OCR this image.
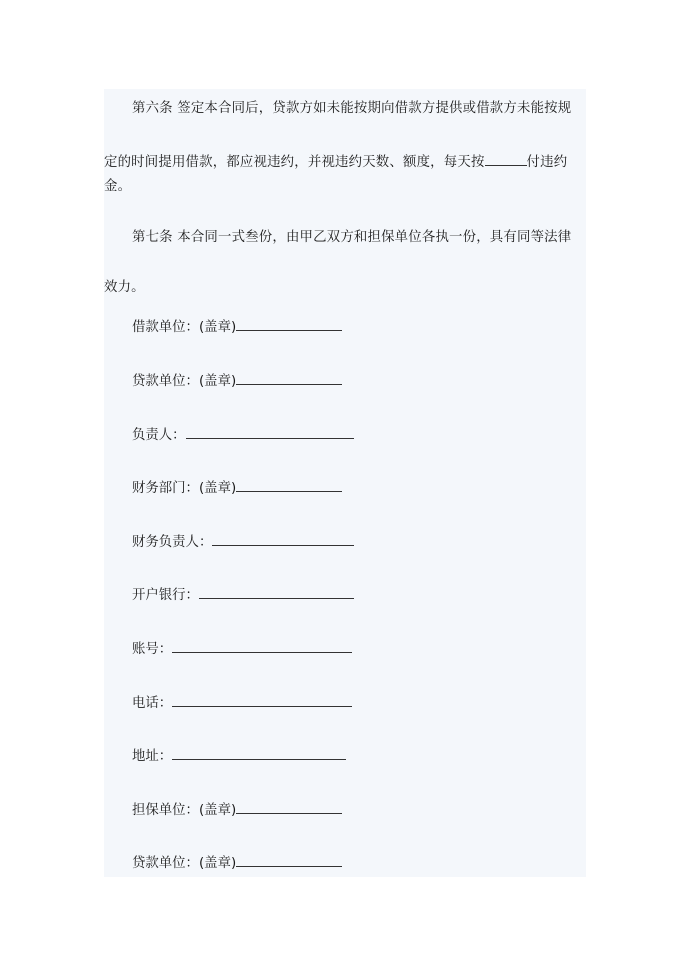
第六条 签定本合同后，贷款方如未能按期向借款方提供或借款方未能按规
定的时间提用借款，都应视违约，并视违约天数、额度，每天按	付违约
金。
第七条 本合同一式叁份，由甲乙双方和担保单位各执一份，具有同等法律
效力。
借款单位：(盖章)
贷款单位：(盖章)
负责人：
财务部门：(盖章)
财务负责人：
开户银行：
账号：
电话：
地址：
担保单位：(盖章)
贷款单位：(盖章)
